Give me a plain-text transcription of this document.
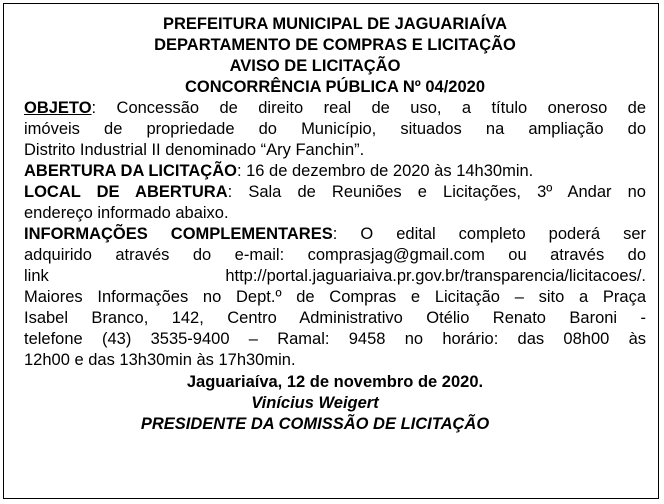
PREFEITURA MUNICIPAL DE JAGUARIAÍVA

DEPARTAMENTO DE COMPRAS E LICITAÇÃO

AVISO DE LICITAÇÃO

CONCORRÊNCIA PÚBLICA Nº 04/2020

OBJETO: Concessão de direito real de uso, a título oneroso de
imóveis de propriedade do Município, situados na ampliação do
Distrito Industrial II denominado “Ary Fanchin”.
ABERTURA DA LICITAÇÃO: 16 de dezembro de 2020 às 14h30min.
LOCAL DE ABERTURA: Sala de Reuniões e Licitações, 3º Andar no
endereço informado abaixo.
INFORMAÇÕES COMPLEMENTARES: O edital completo poderá ser
adquirido através do e-mail: comprasjag@gmail.com ou através do
link http://portal.jaguariaiva.pr.gov.br/transparencia/licitacoes/.
Maiores Informações no Dept.º de Compras e Licitação – sito a Praça
Isabel Branco, 142, Centro Administrativo Otélio Renato Baroni -
telefone (43) 3535-9400 – Ramal: 9458 no horário: das 08h00 às
12h00 e das 13h30min às 17h30min.

Jaguariaíva, 12 de novembro de 2020.

Vinícius Weigert

PRESIDENTE DA COMISSÃO DE LICITAÇÃO
